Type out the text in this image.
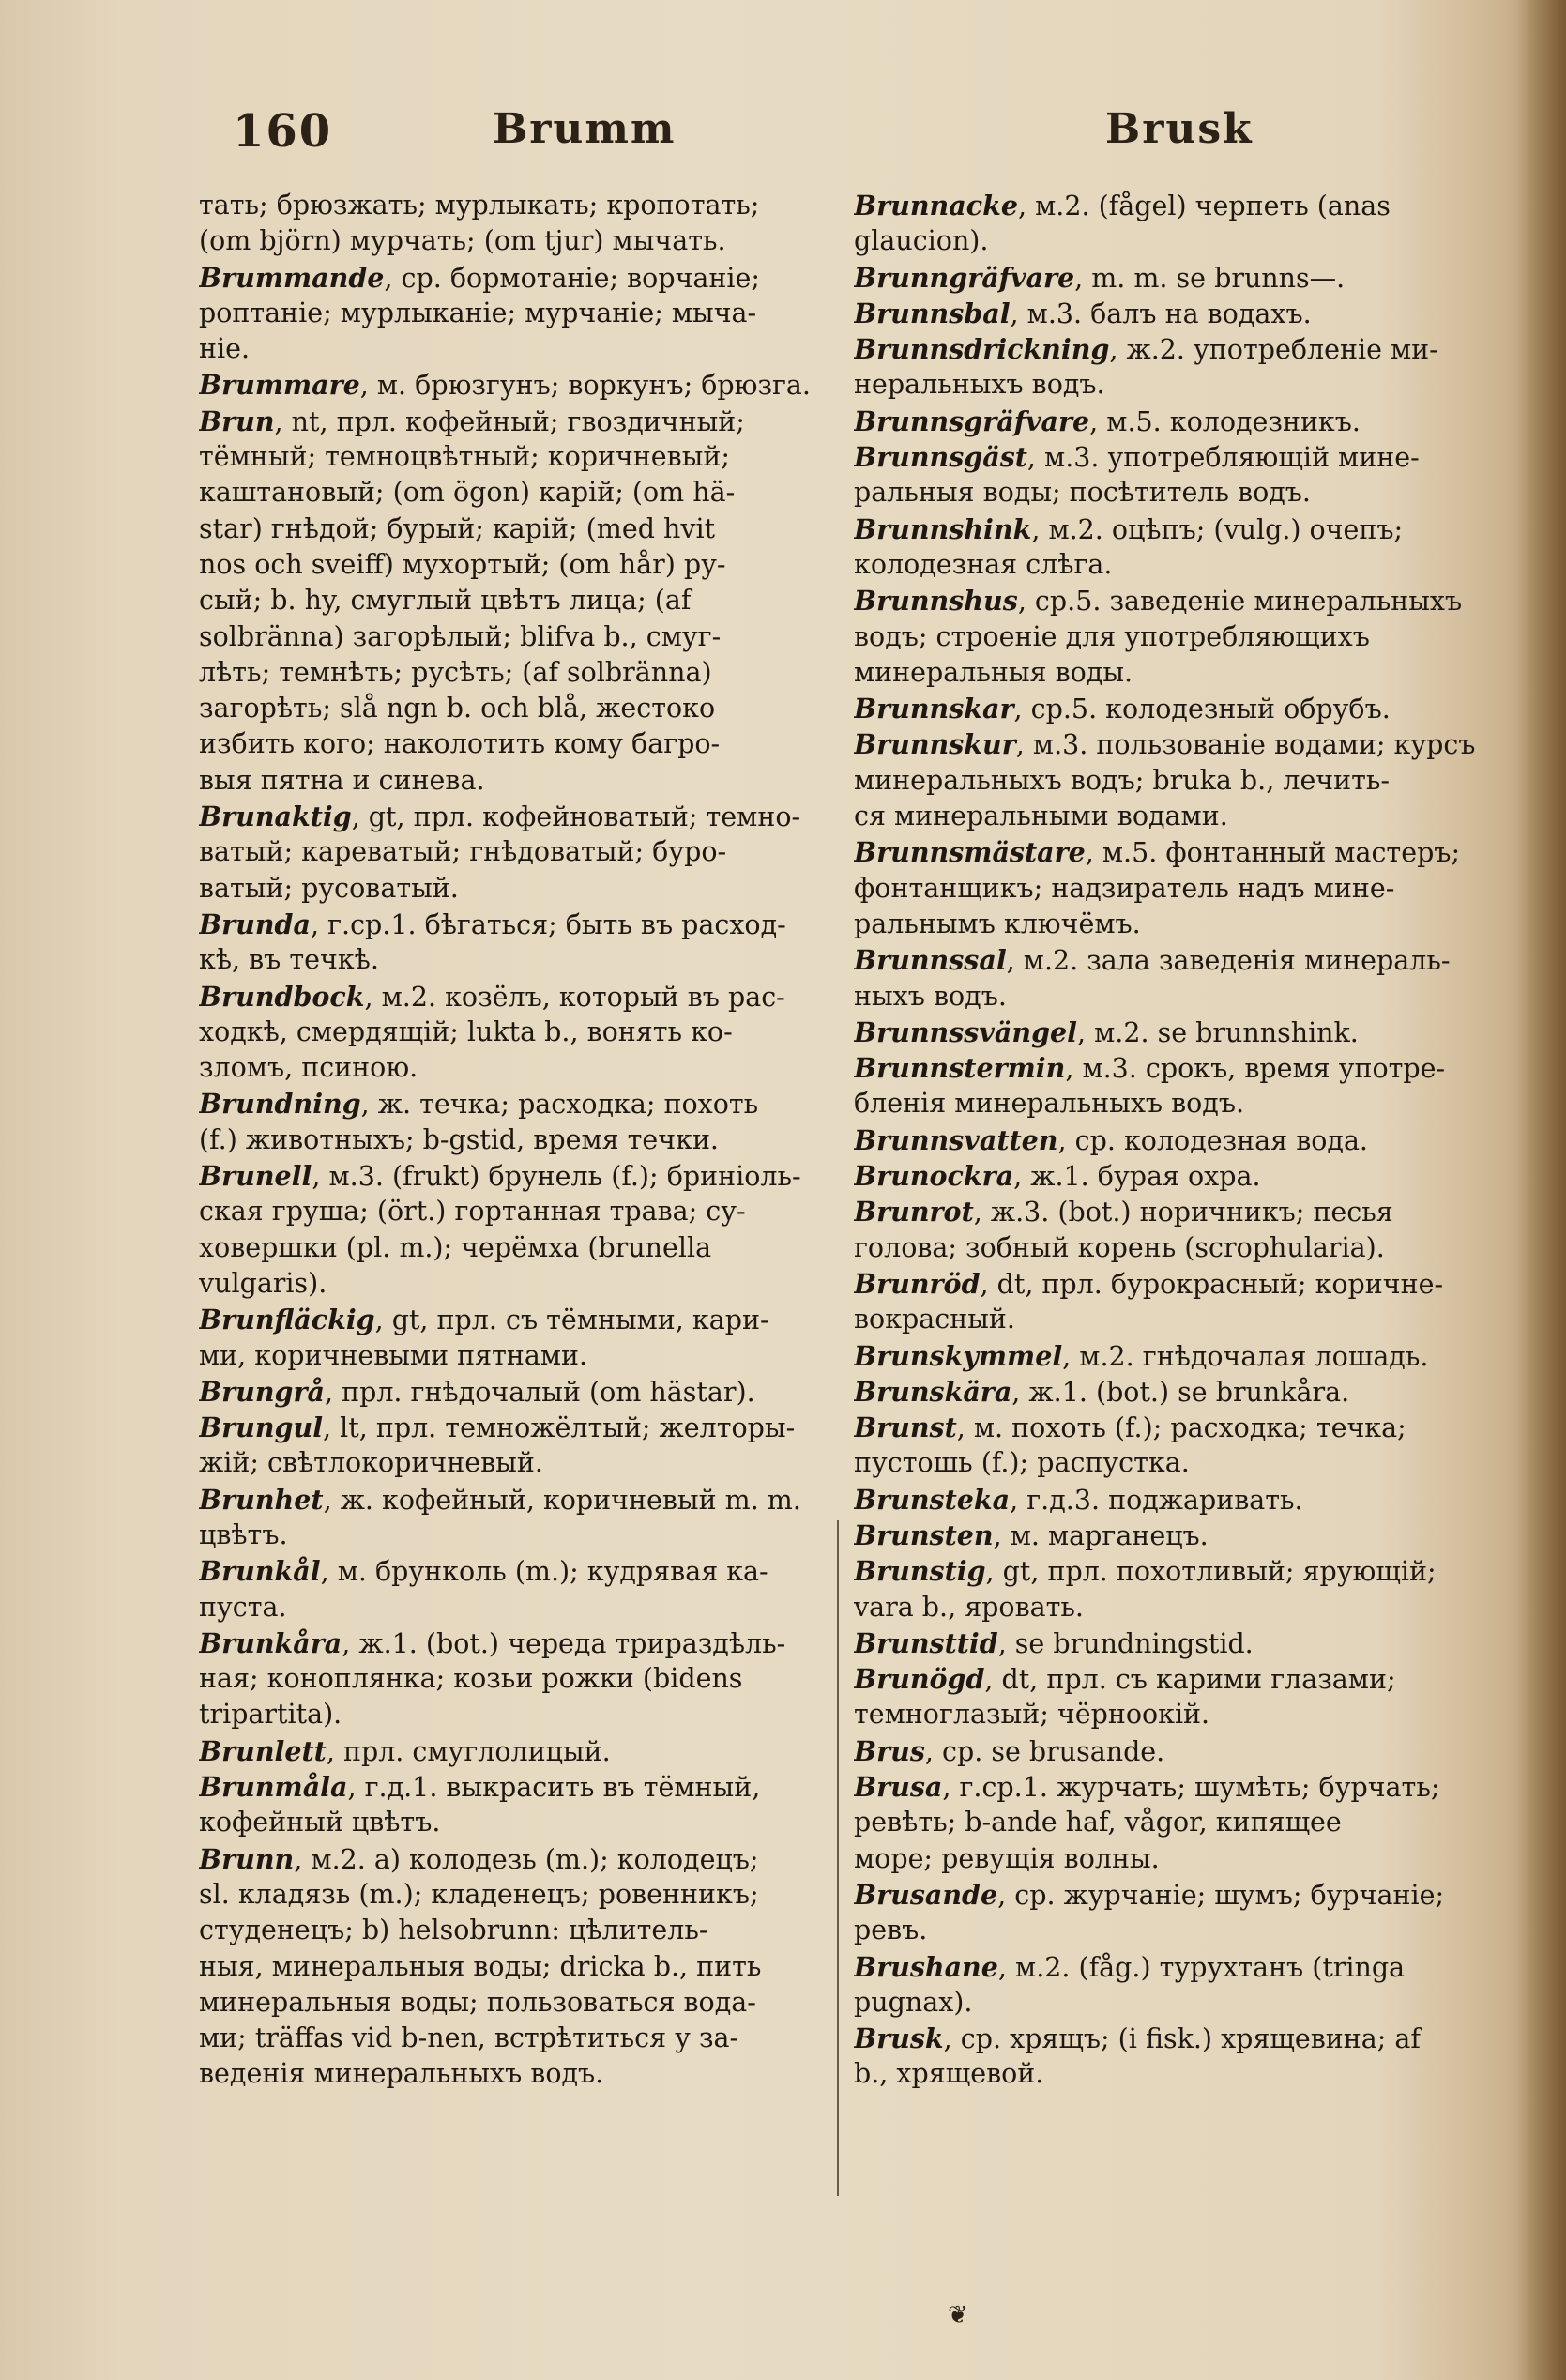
160	Brumm	Brusk
тать; брюзжать; мурлыкать; кропотать;
(om björn) мурчать; (om tjur) мычать.
Brummande, ср. бормотаніе; ворчаніе;
роптаніе; мурлыканіе; мурчаніе; мыча-
ніе.
Brummare, м. брюзгунъ; воркунъ; брюзга.
Brun, nt, прл. кофейный; гвоздичный;
тёмный; темноцвѣтный; коричневый;
каштановый; (om ögon) карій; (om hä-
star) гнѣдой; бурый; карій; (med hvit
nos och sveiff) мухортый; (om hår) ру-
сый; b. hy, смуглый цвѣтъ лица; (af
solbränna) загорѣлый; blifva b., смуг-
лѣть; темнѣть; русѣть; (af solbränna)
загорѣть; slå ngn b. och blå, жестоко
избить кого; наколотить кому багро-
выя пятна и синева.
Brunaktig, gt, прл. кофейноватый; темно-
ватый; кареватый; гнѣдоватый; буро-
ватый; русоватый.
Brunda, г.ср.1. бѣгаться; быть въ расход-
кѣ, въ течкѣ.
Brundbock, м.2. козёлъ, который въ рас-
ходкѣ, смердящій; lukta b., вонять ко-
зломъ, псиною.
Brundning, ж. течка; расходка; похоть
(f.) животныхъ; b-gstid, время течки.
Brunell, м.3. (frukt) брунель (f.); бриніоль-
ская груша; (ört.) гортанная трава; су-
ховершки (pl. m.); черёмха (brunella
vulgaris).
Brunfläckig, gt, прл. съ тёмными, кари-
ми, коричневыми пятнами.
Brungrå, прл. гнѣдочалый (om hästar).
Brungul, lt, прл. темножёлтый; желторы-
жій; свѣтлокоричневый.
Brunhet, ж. кофейный, коричневый m. m.
цвѣтъ.
Brunkål, м. брунколь (m.); кудрявая ка-
пуста.
Brunkåra, ж.1. (bot.) череда трираздѣль-
ная; коноплянка; козьи рожки (bidens
tripartita).
Brunlett, прл. смуглолицый.
Brunmåla, г.д.1. выкрасить въ тёмный,
кофейный цвѣтъ.
Brunn, м.2. a) колодезь (m.); колодецъ;
sl. кладязь (m.); кладенецъ; ровенникъ;
студенецъ; b) helsobrunn: цѣлитель-
ныя, минеральныя воды; dricka b., пить
минеральныя воды; пользоваться вода-
ми; träffas vid b-nen, встрѣтиться у за-
веденія минеральныхъ водъ.
Brunnacke, м.2. (fågel) черпеть (anas
glaucion).
Brunngräfvare, m. m. se brunns—.
Brunnsbal, м.3. балъ на водахъ.
Brunnsdrickning, ж.2. употребленіе ми-
неральныхъ водъ.
Brunnsgräfvare, м.5. колодезникъ.
Brunnsgäst, м.3. употребляющій мине-
ральныя воды; посѣтитель водъ.
Brunnshink, м.2. оцѣпъ; (vulg.) очепъ;
колодезная слѣга.
Brunnshus, ср.5. заведеніе минеральныхъ
водъ; строеніе для употребляющихъ
минеральныя воды.
Brunnskar, ср.5. колодезный обрубъ.
Brunnskur, м.3. пользованіе водами; курсъ
минеральныхъ водъ; bruka b., лечить-
ся минеральными водами.
Brunnsmästare, м.5. фонтанный мастеръ;
фонтанщикъ; надзиратель надъ мине-
ральнымъ ключёмъ.
Brunnssal, м.2. зала заведенія минераль-
ныхъ водъ.
Brunnssvängel, м.2. se brunnshink.
Brunnstermin, м.3. срокъ, время употре-
бленія минеральныхъ водъ.
Brunnsvatten, ср. колодезная вода.
Brunockra, ж.1. бурая охра.
Brunrot, ж.3. (bot.) норичникъ; песья
голова; зобный корень (scrophularia).
Brunröd, dt, прл. бурокрасный; коричне-
вокрасный.
Brunskymmel, м.2. гнѣдочалая лошадь.
Brunskära, ж.1. (bot.) se brunkåra.
Brunst, м. похоть (f.); расходка; течка;
пустошь (f.); распустка.
Brunsteka, г.д.3. поджаривать.
Brunsten, м. марганецъ.
Brunstig, gt, прл. похотливый; ярующій;
vara b., яровать.
Brunsttid, se brundningstid.
Brunögd, dt, прл. съ карими глазами;
темноглазый; чёрноокій.
Brus, ср. se brusande.
Brusa, г.ср.1. журчать; шумѣть; бурчать;
ревѣть; b-ande haf, vågor, кипящее
море; ревущія волны.
Brusande, ср. журчаніе; шумъ; бурчаніе;
ревъ.
Brushane, м.2. (fåg.) турухтанъ (tringa
pugnax).
Brusk, ср. хрящъ; (i fisk.) хрящевина; af
b., хрящевой.
❦
